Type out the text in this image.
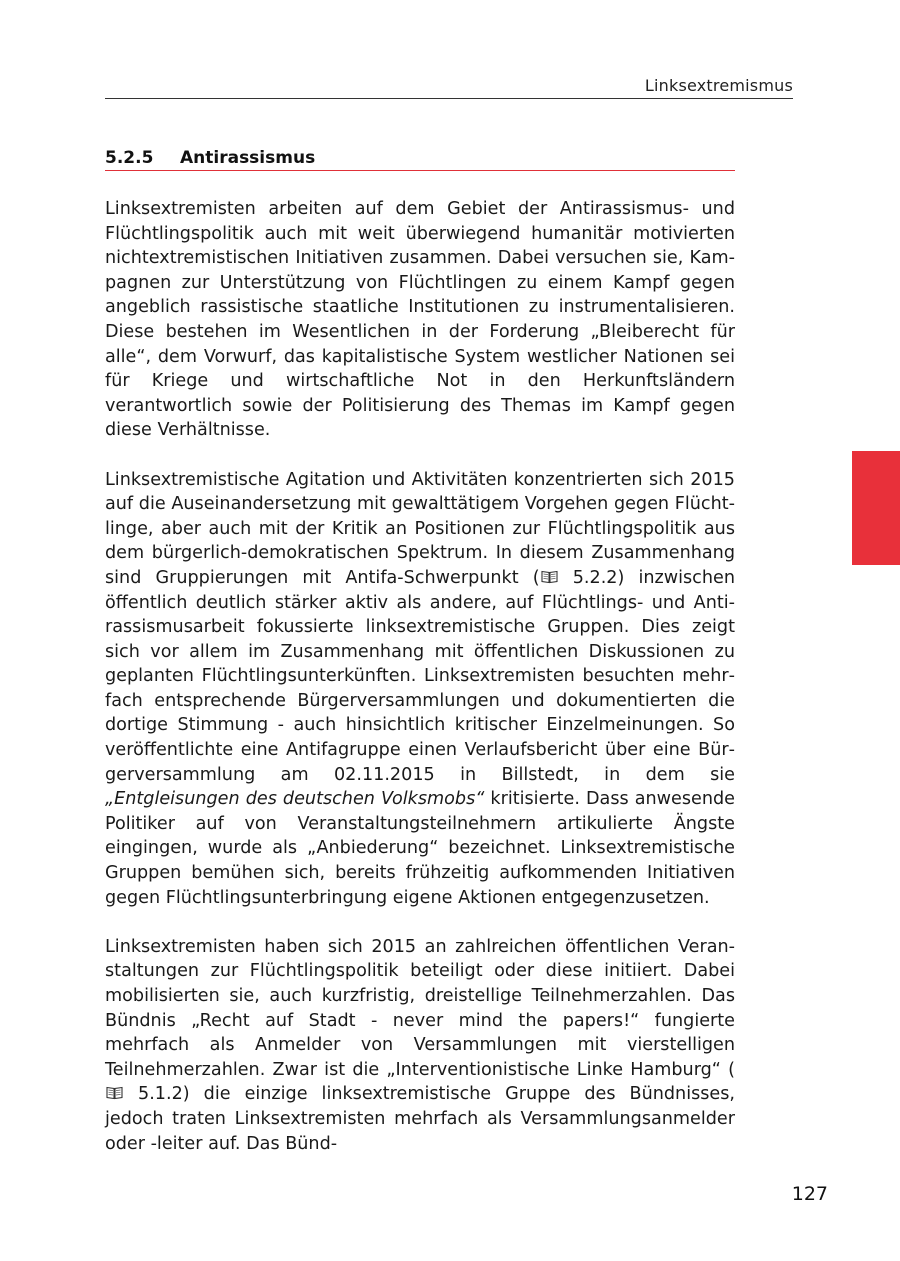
Linksextremismus
5.2.5 Antirassismus

Linksextremisten arbeiten auf dem Gebiet der Antirassismus- und Flüchtlingspolitik auch mit weit überwiegend humanitär motivierten nichtextremistischen Initiativen zusammen. Dabei versuchen sie, Kampagnen zur Unterstützung von Flüchtlingen zu einem Kampf gegen angeblich rassistische staatliche Institutionen zu instrumentalisieren. Diese bestehen im Wesentlichen in der Forderung „Bleiberecht für alle“, dem Vorwurf, das kapitalistische System westlicher Nationen sei für Kriege und wirtschaftliche Not in den Herkunftsländern verantwortlich sowie der Politisierung des Themas im Kampf gegen diese Verhältnisse.

Linksextremistische Agitation und Aktivitäten konzentrierten sich 2015 auf die Auseinandersetzung mit gewalttätigem Vorgehen gegen Flüchtlinge, aber auch mit der Kritik an Positionen zur Flüchtlingspolitik aus dem bürgerlich-demokratischen Spektrum. In diesem Zusammenhang sind Gruppierungen mit Antifa-Schwerpunkt ( 5.2.2) inzwischen öffentlich deutlich stärker aktiv als andere, auf Flüchtlings- und Antirassismusarbeit fokussierte linksextremistische Gruppen. Dies zeigt sich vor allem im Zusammenhang mit öffentlichen Diskussionen zu geplanten Flüchtlingsunterkünften. Linksextremisten besuchten mehrfach entsprechende Bürgerversammlungen und dokumentierten die dortige Stimmung - auch hinsichtlich kritischer Einzelmeinungen. So veröffentlichte eine Antifagruppe einen Verlaufsbericht über eine Bürgerversammlung am 02.11.2015 in Billstedt, in dem sie „Entgleisungen des deutschen Volksmobs“ kritisierte. Dass anwesende Politiker auf von Veranstaltungsteilnehmern artikulierte Ängste eingingen, wurde als „Anbiederung“ bezeichnet. Linksextremistische Gruppen bemühen sich, bereits frühzeitig aufkommenden Initiativen gegen Flüchtlingsunterbringung eigene Aktionen entgegenzusetzen.

Linksextremisten haben sich 2015 an zahlreichen öffentlichen Veranstaltungen zur Flüchtlingspolitik beteiligt oder diese initiiert. Dabei mobilisierten sie, auch kurzfristig, dreistellige Teilnehmerzahlen. Das Bündnis „Recht auf Stadt - never mind the papers!“ fungierte mehrfach als Anmelder von Versammlungen mit vierstelligen Teilnehmerzahlen. Zwar ist die „Interventionistische Linke Hamburg“ ( 5.1.2) die einzige linksextremistische Gruppe des Bündnisses, jedoch traten Linksextremisten mehrfach als Versammlungsanmelder oder -leiter auf. Das Bünd-

127
